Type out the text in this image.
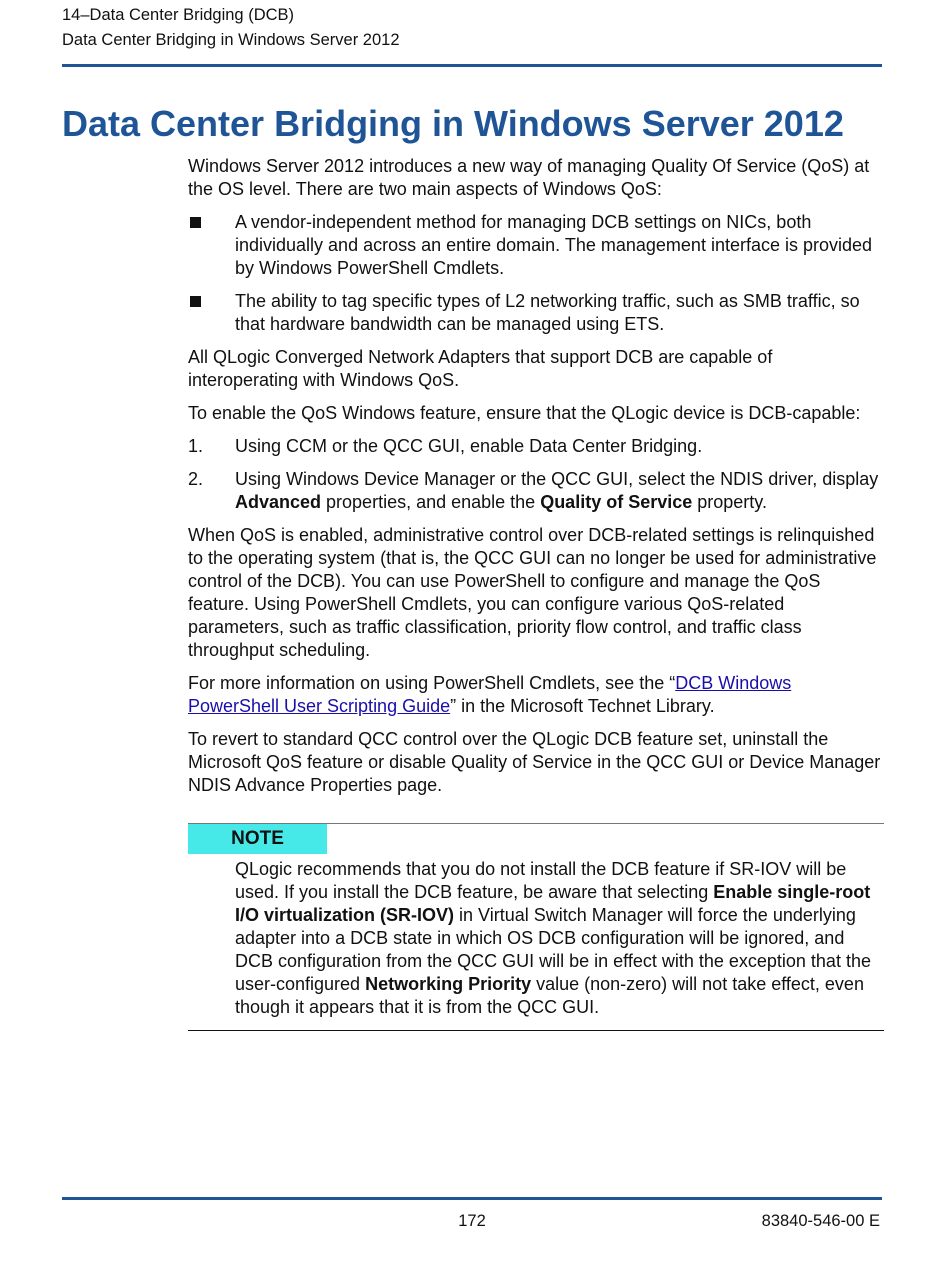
14–Data Center Bridging (DCB)
Data Center Bridging in Windows Server 2012
Data Center Bridging in Windows Server 2012

Windows Server 2012 introduces a new way of managing Quality Of Service (QoS) at the OS level. There are two main aspects of Windows QoS:

A vendor-independent method for managing DCB settings on NICs, both individually and across an entire domain. The management interface is provided by Windows PowerShell Cmdlets.
The ability to tag specific types of L2 networking traffic, such as SMB traffic, so that hardware bandwidth can be managed using ETS.

All QLogic Converged Network Adapters that support DCB are capable of interoperating with Windows QoS.

To enable the QoS Windows feature, ensure that the QLogic device is DCB-capable:

1. Using CCM or the QCC GUI, enable Data Center Bridging.
2. Using Windows Device Manager or the QCC GUI, select the NDIS driver, display Advanced properties, and enable the Quality of Service property.

When QoS is enabled, administrative control over DCB-related settings is relinquished to the operating system (that is, the QCC GUI can no longer be used for administrative control of the DCB). You can use PowerShell to configure and manage the QoS feature. Using PowerShell Cmdlets, you can configure various QoS-related parameters, such as traffic classification, priority flow control, and traffic class throughput scheduling.

For more information on using PowerShell Cmdlets, see the “DCB Windows PowerShell User Scripting Guide” in the Microsoft Technet Library.

To revert to standard QCC control over the QLogic DCB feature set, uninstall the Microsoft QoS feature or disable Quality of Service in the QCC GUI or Device Manager NDIS Advance Properties page.

NOTE
QLogic recommends that you do not install the DCB feature if SR-IOV will be used. If you install the DCB feature, be aware that selecting Enable single-root I/O virtualization (SR-IOV) in Virtual Switch Manager will force the underlying adapter into a DCB state in which OS DCB configuration will be ignored, and DCB configuration from the QCC GUI will be in effect with the exception that the user-configured Networking Priority value (non-zero) will not take effect, even though it appears that it is from the QCC GUI.
172	83840-546-00 E
